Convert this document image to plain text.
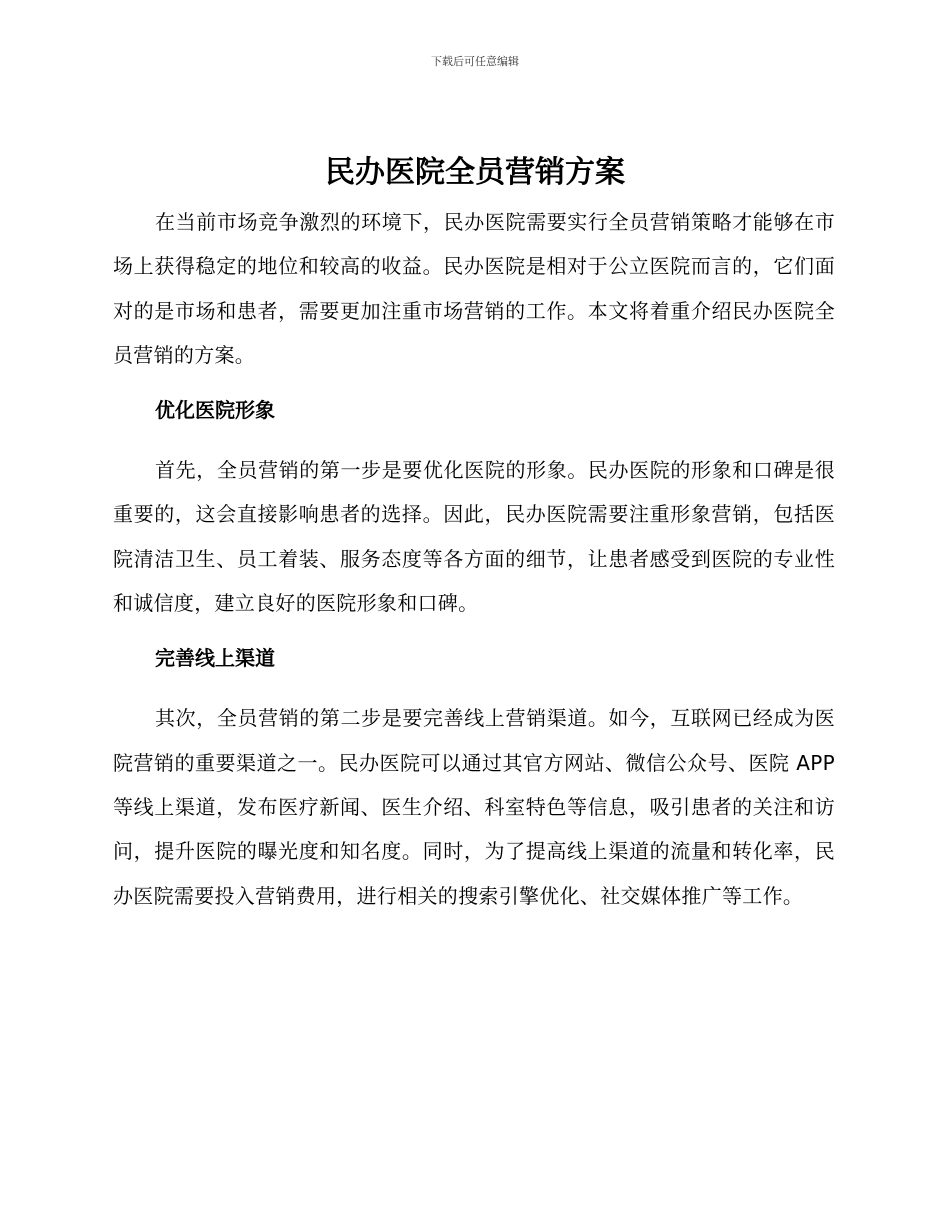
下载后可任意编辑
民办医院全员营销方案

在当前市场竞争激烈的环境下，民办医院需要实行全员营销策略才能够在市场上获得稳定的地位和较高的收益。民办医院是相对于公立医院而言的，它们面对的是市场和患者，需要更加注重市场营销的工作。本文将着重介绍民办医院全员营销的方案。

优化医院形象

首先，全员营销的第一步是要优化医院的形象。民办医院的形象和口碑是很重要的，这会直接影响患者的选择。因此，民办医院需要注重形象营销，包括医院清洁卫生、员工着装、服务态度等各方面的细节，让患者感受到医院的专业性和诚信度，建立良好的医院形象和口碑。

完善线上渠道

其次，全员营销的第二步是要完善线上营销渠道。如今，互联网已经成为医院营销的重要渠道之一。民办医院可以通过其官方网站、微信公众号、医院 APP 等线上渠道，发布医疗新闻、医生介绍、科室特色等信息，吸引患者的关注和访问，提升医院的曝光度和知名度。同时，为了提高线上渠道的流量和转化率，民办医院需要投入营销费用，进行相关的搜索引擎优化、社交媒体推广等工作。
